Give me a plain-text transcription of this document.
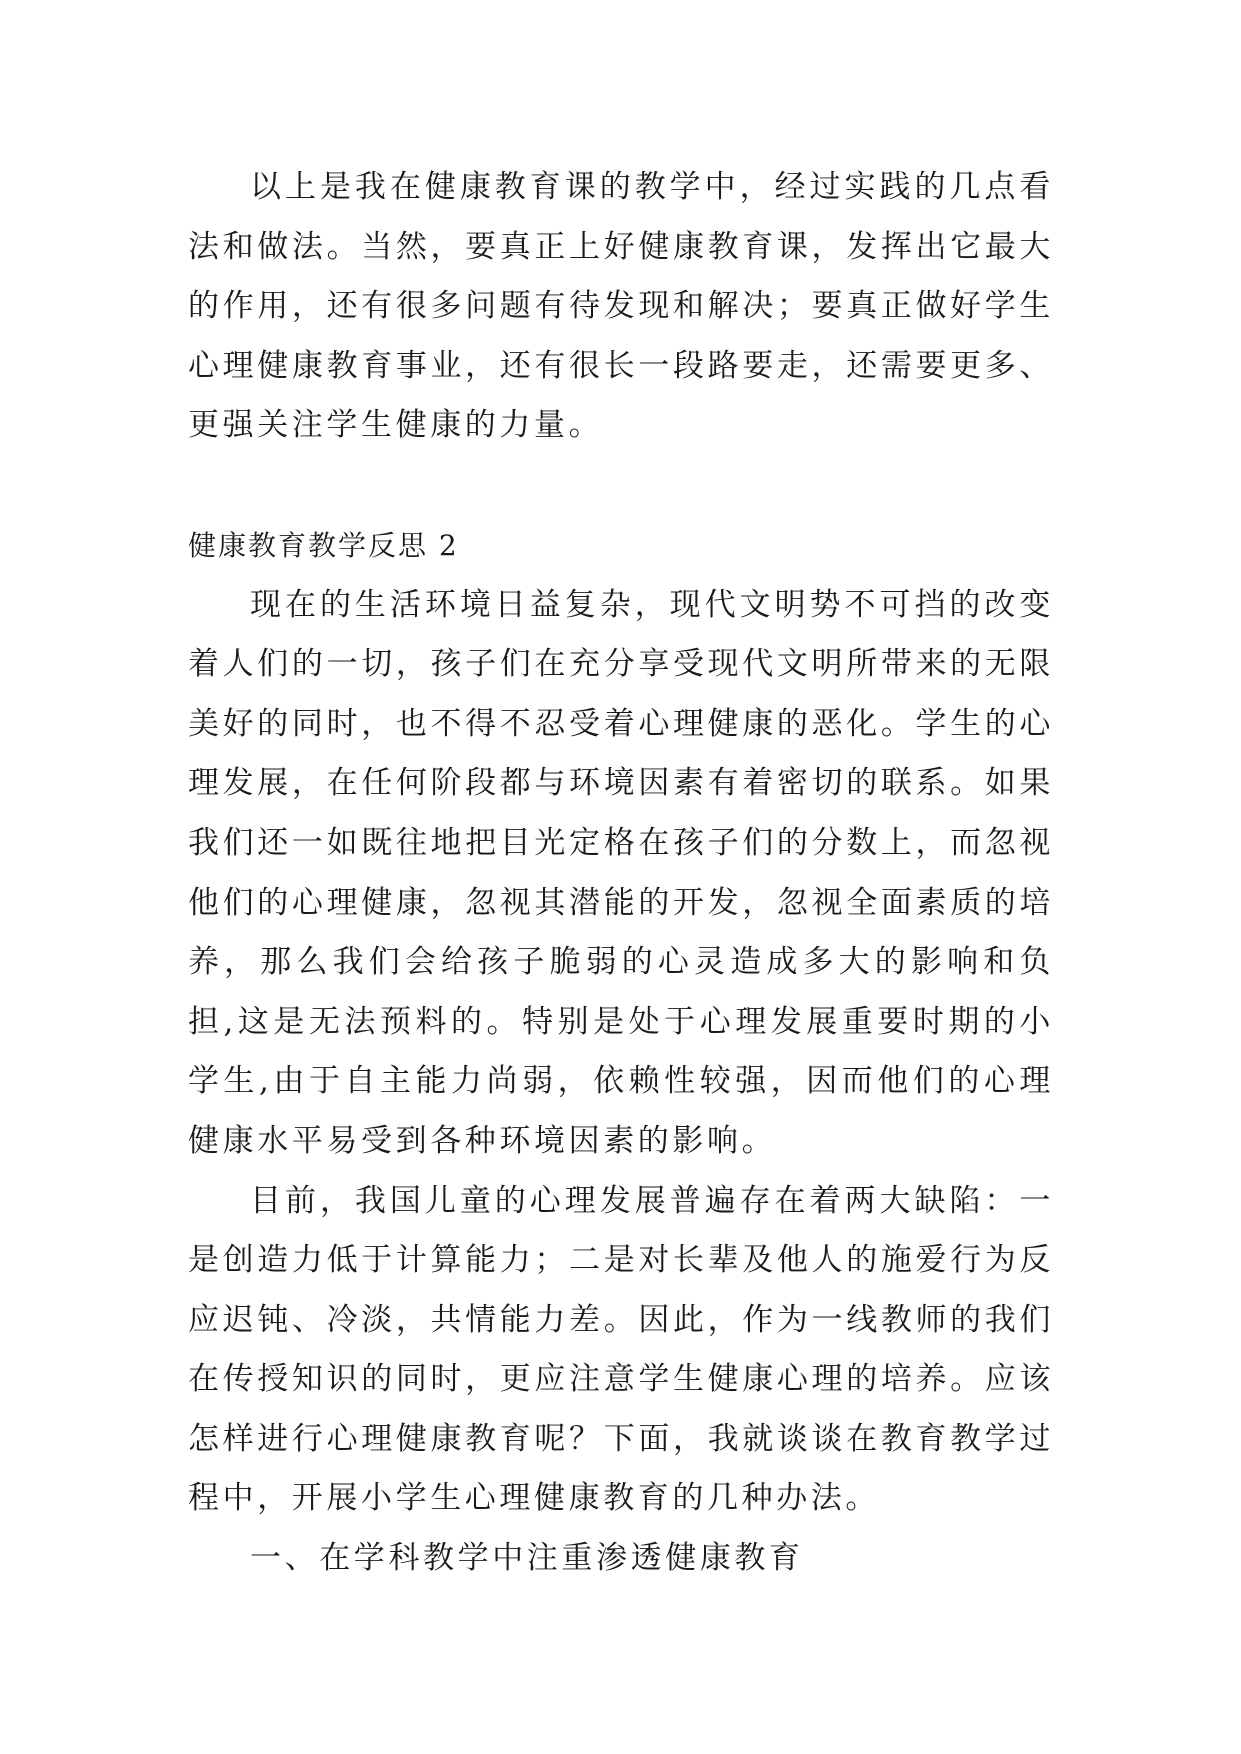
以上是我在健康教育课的教学中，经过实践的几点看法和做法。当然，要真正上好健康教育课，发挥出它最大的作用，还有很多问题有待发现和解决；要真正做好学生心理健康教育事业，还有很长一段路要走，还需要更多、更强关注学生健康的力量。

健康教育教学反思 2

现在的生活环境日益复杂，现代文明势不可挡的改变着人们的一切，孩子们在充分享受现代文明所带来的无限美好的同时，也不得不忍受着心理健康的恶化。学生的心理发展，在任何阶段都与环境因素有着密切的联系。如果我们还一如既往地把目光定格在孩子们的分数上，而忽视他们的心理健康，忽视其潜能的开发，忽视全面素质的培养，那么我们会给孩子脆弱的心灵造成多大的影响和负担,这是无法预料的。特别是处于心理发展重要时期的小学生,由于自主能力尚弱，依赖性较强，因而他们的心理健康水平易受到各种环境因素的影响。

目前，我国儿童的心理发展普遍存在着两大缺陷：一是创造力低于计算能力；二是对长辈及他人的施爱行为反应迟钝、冷淡，共情能力差。因此，作为一线教师的我们在传授知识的同时，更应注意学生健康心理的培养。应该怎样进行心理健康教育呢？下面，我就谈谈在教育教学过程中，开展小学生心理健康教育的几种办法。

一、在学科教学中注重渗透健康教育
